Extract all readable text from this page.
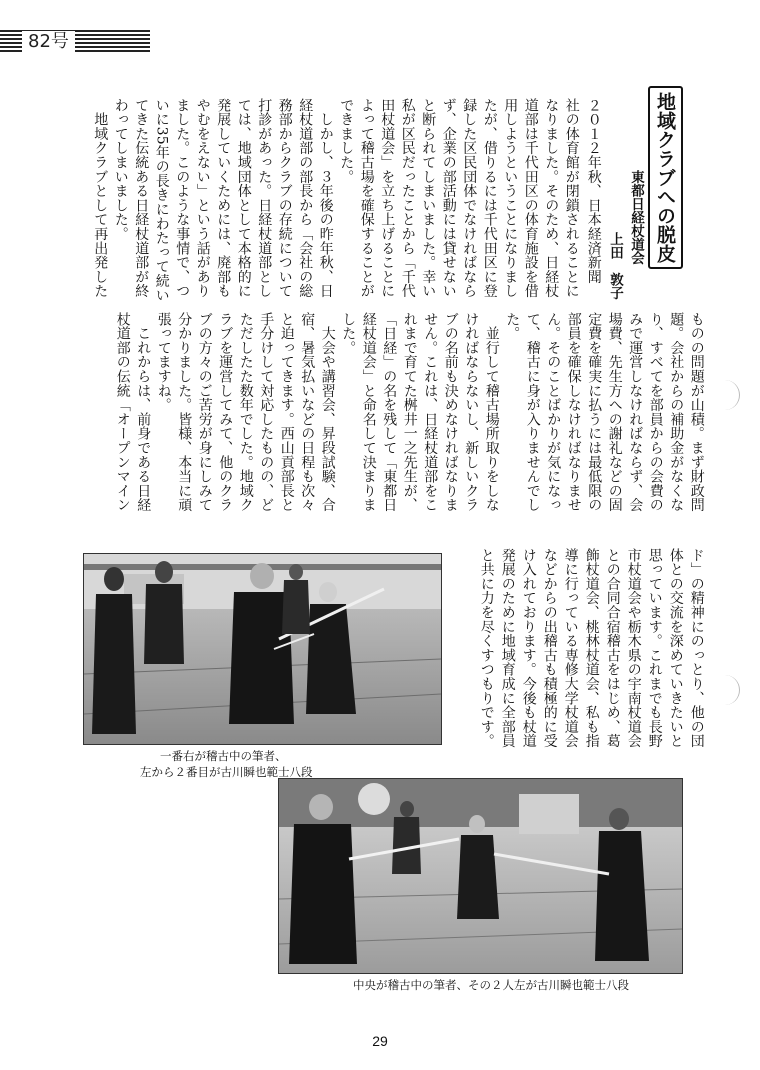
82号
地域クラブへの脱皮
東都日経杖道会
上田　敦子
２０１２年秋、日本経済新聞
社の体育館が閉鎖されることに
なりました。そのため、日経杖
道部は千代田区の体育施設を借
用しようということになりまし
たが、借りるには千代田区に登
録した区民団体でなければなら
ず、企業の部活動には貸せない
と断られてしまいました。幸い
私が区民だったことから「千代
田杖道会」を立ち上げることに
よって稽古場を確保することが
できました。
　しかし、３年後の昨年秋、日
経杖道部の部長から「会社の総
務部からクラブの存続について
打診があった。日経杖道部とし
ては、地域団体として本格的に
発展していくためには、廃部も
やむをえない」という話があり
ました。このような事情で、つ
いに35年の長きにわたって続い
てきた伝統ある日経杖道部が終
わってしまいました。
　地域クラブとして再出発した
ものの問題が山積。まず財政問
題。会社からの補助金がなくな
り、すべてを部員からの会費の
みで運営しなければならず、会
場費、先生方への謝礼などの固
定費を確実に払うには最低限の
部員を確保しなければなりませ
ん。そのことばかりが気になっ
て、稽古に身が入りませんでし
た。
　並行して稽古場所取りをしな
ければならないし、新しいクラ
ブの名前も決めなければなりま
せん。これは、日経杖道部をこ
れまで育てた桝井一之先生が、
「日経」の名を残して「東都日
経杖道会」と命名して決まりま
した。
　大会や講習会、昇段試験、合
宿、暑気払いなどの日程も次々
と迫ってきます。西山貢部長と
手分けして対応したものの、ど
ただしたた数年でした。地域ク
ラブを運営してみて、他のクラ
ブの方々のご苦労が身にしみて
分かりました。皆様、本当に頑
張ってますね。
　これからは、前身である日経
杖道部の伝統「オープンマイン
ド」の精神にのっとり、他の団
体との交流を深めていきたいと
思っています。これまでも長野
市杖道会や栃木県の宇南杖道会
との合同合宿稽古をはじめ、葛
飾杖道会、桃林杖道会、私も指
導に行っている専修大学杖道会
などからの出稽古も積極的に受
け入れております。今後も杖道
発展のために地域育成に全部員
と共に力を尽くすつもりです。
一番右が稽古中の筆者、
左から２番目が古川瞬也範士八段
中央が稽古中の筆者、その２人左が古川瞬也範士八段
29
